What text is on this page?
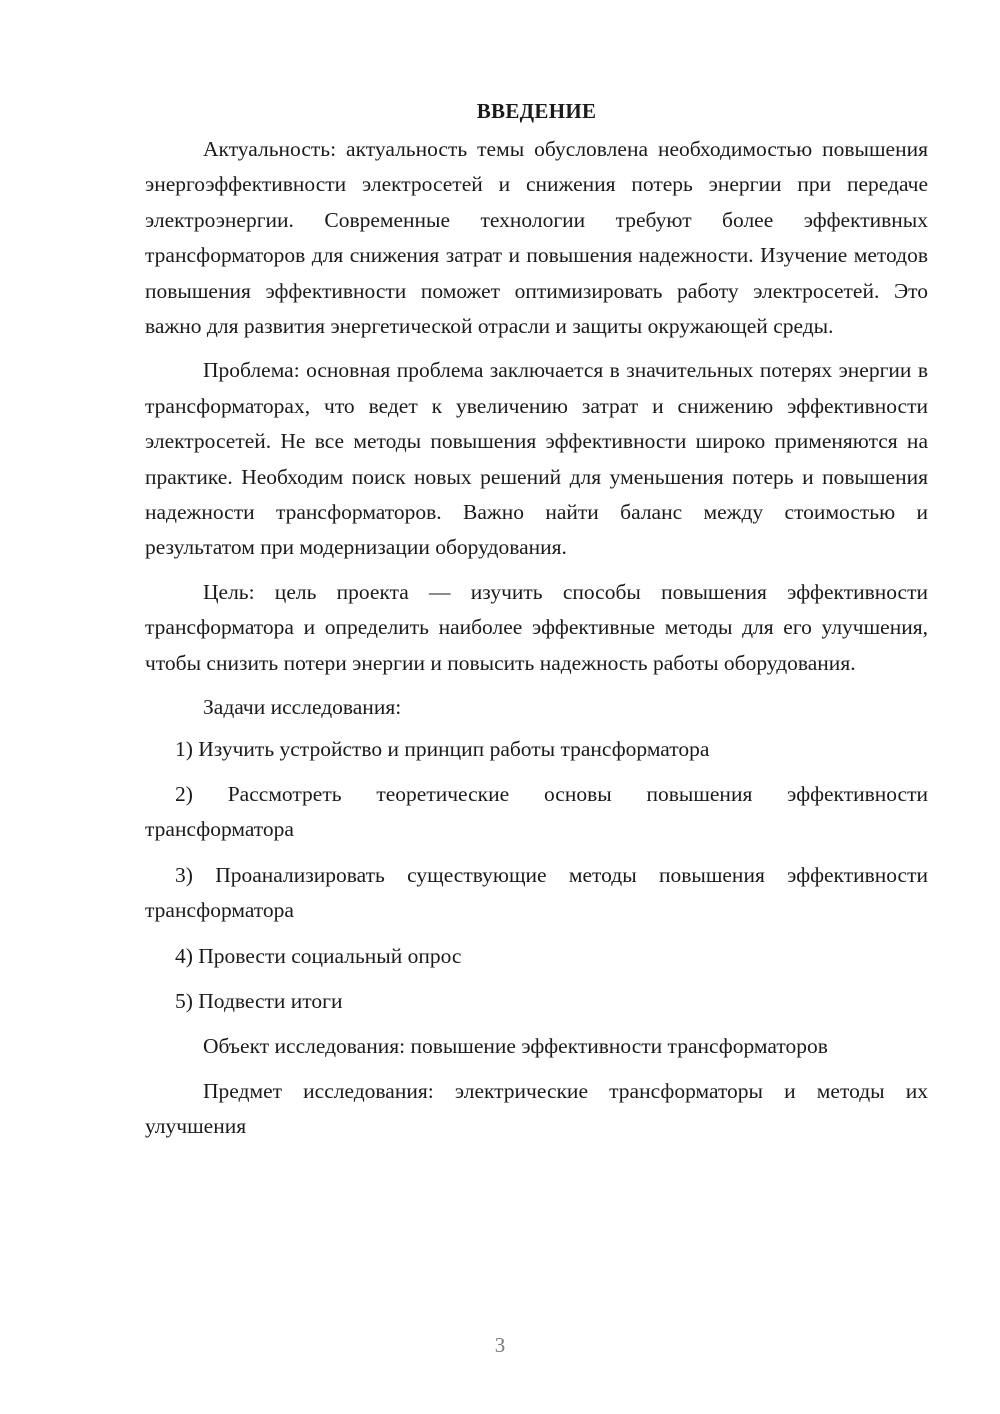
ВВЕДЕНИЕ

Актуальность: актуальность темы обусловлена необходимостью повышения энергоэффективности электросетей и снижения потерь энергии при передаче электроэнергии. Современные технологии требуют более эффективных трансформаторов для снижения затрат и повышения надежности. Изучение методов повышения эффективности поможет оптимизировать работу электросетей. Это важно для развития энергетической отрасли и защиты окружающей среды.

Проблема: основная проблема заключается в значительных потерях энергии в трансформаторах, что ведет к увеличению затрат и снижению эффективности электросетей. Не все методы повышения эффективности широко применяются на практике. Необходим поиск новых решений для уменьшения потерь и повышения надежности трансформаторов. Важно найти баланс между стоимостью и результатом при модернизации оборудования.

Цель: цель проекта — изучить способы повышения эффективности трансформатора и определить наиболее эффективные методы для его улучшения, чтобы снизить потери энергии и повысить надежность работы оборудования.

Задачи исследования:

1) Изучить устройство и принцип работы трансформатора

2) Рассмотреть теоретические основы повышения эффективности трансформатора

3) Проанализировать существующие методы повышения эффективности трансформатора

4) Провести социальный опрос

5) Подвести итоги

Объект исследования: повышение эффективности трансформаторов

Предмет исследования: электрические трансформаторы и методы их улучшения

3
